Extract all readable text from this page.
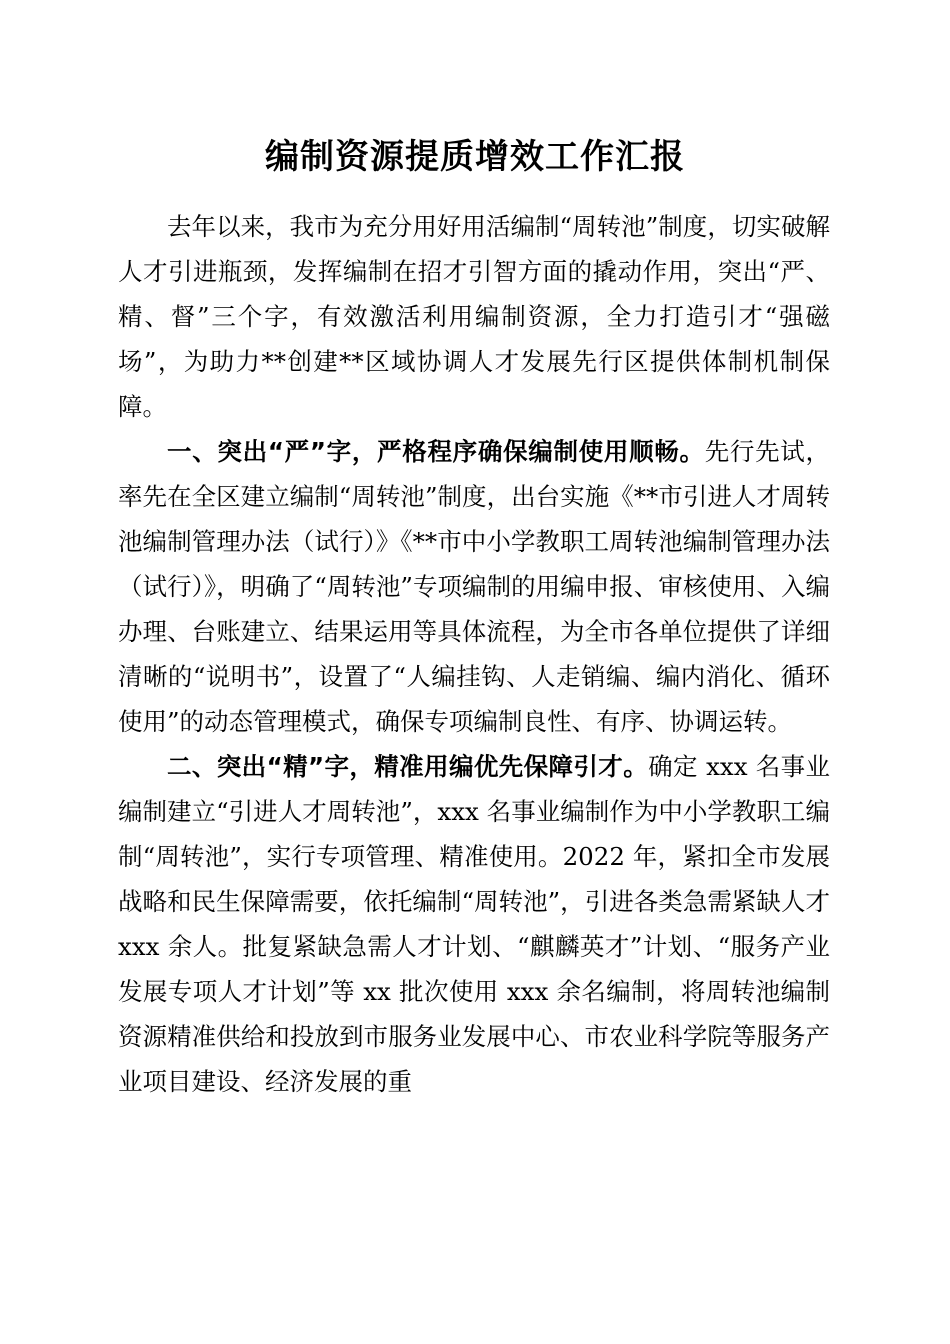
编制资源提质增效工作汇报

去年以来，我市为充分用好用活编制“周转池”制度，切实破解人才引进瓶颈，发挥编制在招才引智方面的撬动作用，突出“严、精、督”三个字，有效激活利用编制资源，全力打造引才“强磁场”，为助力**创建**区域协调人才发展先行区提供体制机制保障。

一、突出“严”字，严格程序确保编制使用顺畅。先行先试，率先在全区建立编制“周转池”制度，出台实施《**市引进人才周转池编制管理办法（试行）》《**市中小学教职工周转池编制管理办法（试行）》，明确了“周转池”专项编制的用编申报、审核使用、入编办理、台账建立、结果运用等具体流程，为全市各单位提供了详细清晰的“说明书”，设置了“人编挂钩、人走销编、编内消化、循环使用”的动态管理模式，确保专项编制良性、有序、协调运转。

二、突出“精”字，精准用编优先保障引才。确定 xxx 名事业编制建立“引进人才周转池”，xxx 名事业编制作为中小学教职工编制“周转池”，实行专项管理、精准使用。2022 年，紧扣全市发展战略和民生保障需要，依托编制“周转池”，引进各类急需紧缺人才 xxx 余人。批复紧缺急需人才计划、“麒麟英才”计划、“服务产业发展专项人才计划”等 xx 批次使用 xxx 余名编制，将周转池编制资源精准供给和投放到市服务业发展中心、市农业科学院等服务产业项目建设、经济发展的重
